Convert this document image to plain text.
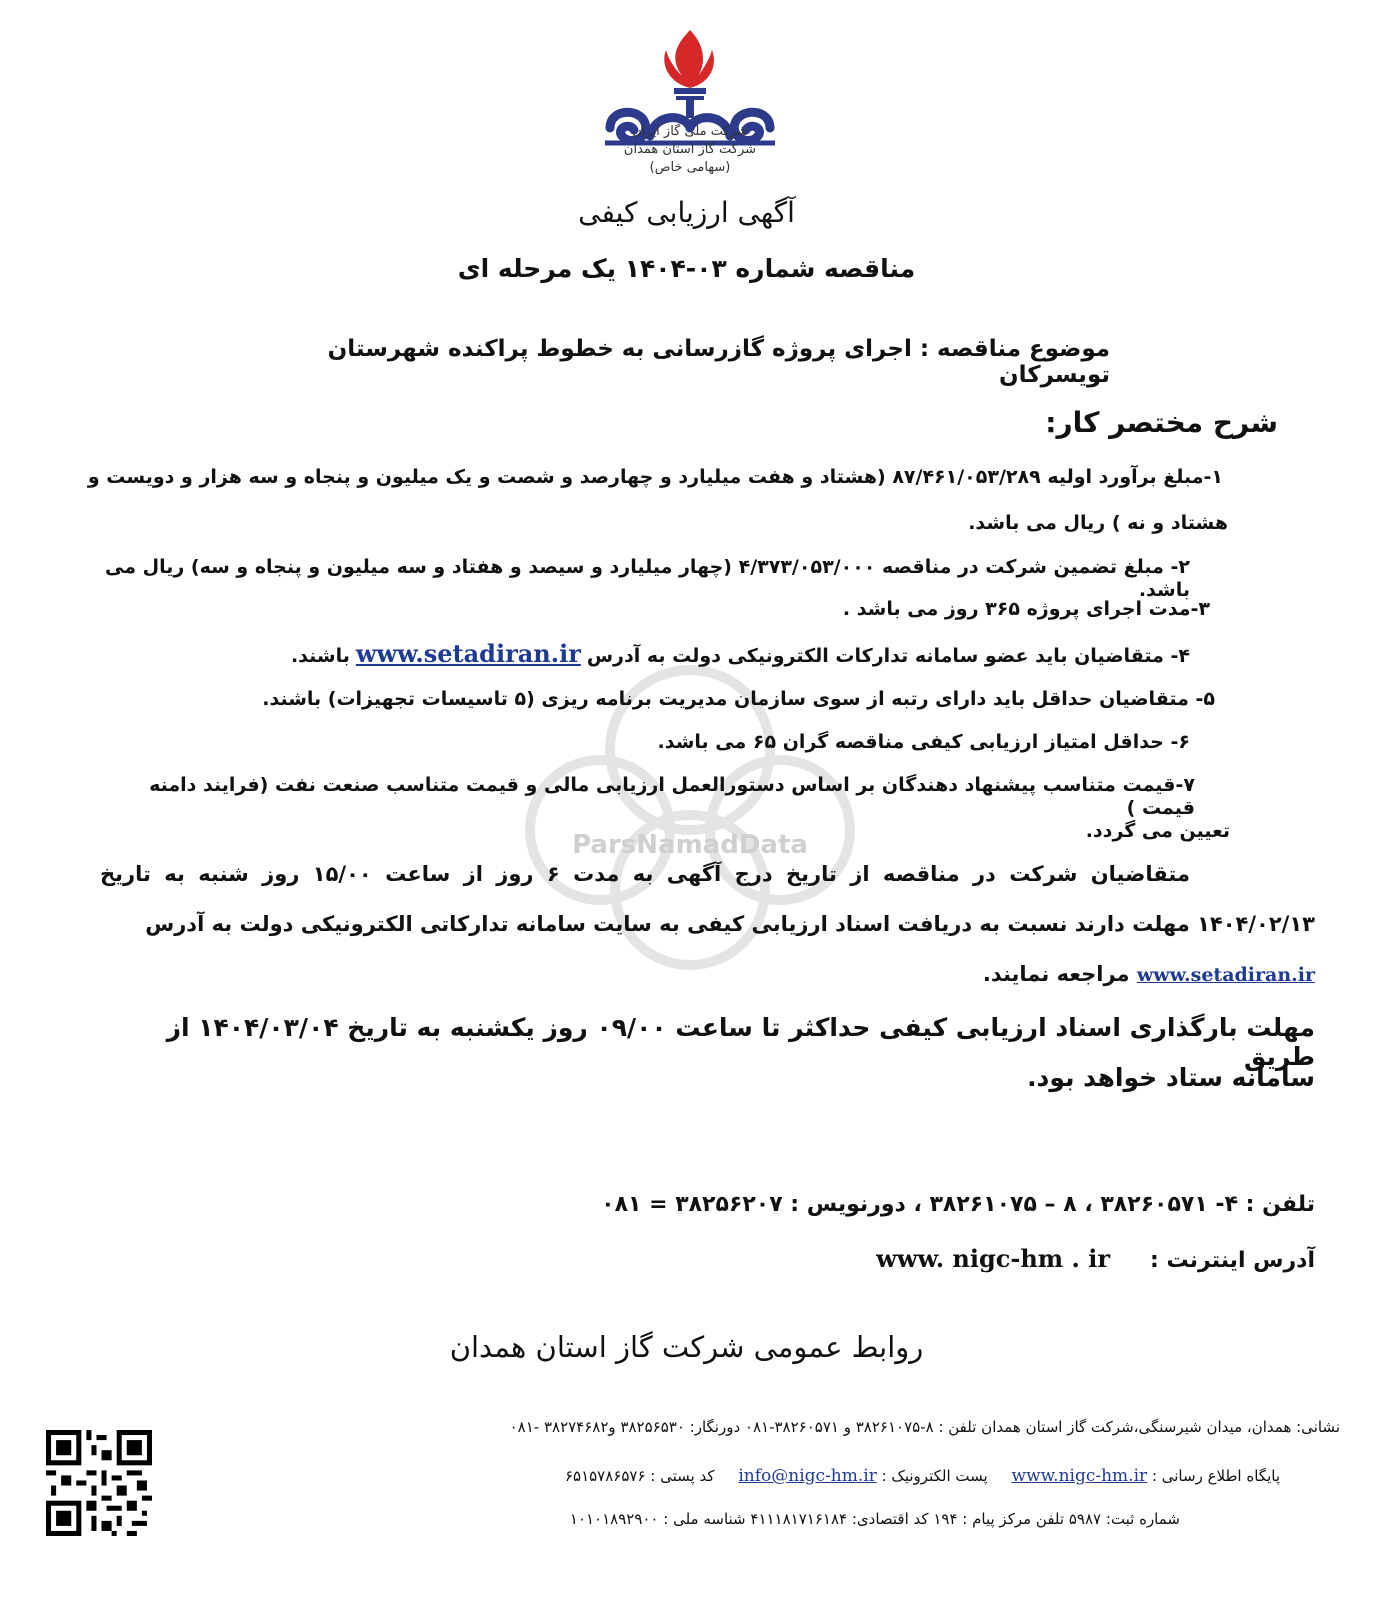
شرکت ملی گاز ایران
شرکت گاز استان همدان
(سهامی خاص)
ParsNamadData
آگهی ارزیابی کیفی
مناقصه شماره ۰۳-۱۴۰۴ یک مرحله ای
موضوع مناقصه : اجرای پروژه گازرسانی به خطوط پراکنده شهرستان تویسرکان
شرح مختصر کار:
۱-مبلغ برآورد اولیه ۸۷/۴۶۱/۰۵۳/۲۸۹ (هشتاد و هفت میلیارد و چهارصد و شصت و یک میلیون و پنجاه و سه هزار و دویست و
هشتاد و نه ) ریال می باشد.
۲- مبلغ تضمین شرکت در مناقصه ۴/۳۷۳/۰۵۳/۰۰۰ (چهار میلیارد و سیصد و هفتاد و سه میلیون و پنجاه و سه) ریال می باشد.
۳-مدت اجرای پروژه ۳۶۵ روز می باشد .
۴- متقاضیان باید عضو سامانه تدارکات الکترونیکی دولت به آدرسwww.setadiran.irباشند.
۵- متقاضیان حداقل باید دارای رتبه از سوی سازمان مدیریت برنامه ریزی (۵ تاسیسات تجهیزات) باشند.
۶- حداقل امتیاز ارزیابی کیفی مناقصه گران ۶۵ می باشد.
۷-قیمت متناسب پیشنهاد دهندگان بر اساس دستورالعمل ارزیابی مالی و قیمت متناسب صنعت نفت (فرایند دامنه قیمت )
تعیین می گردد.
متقاضیان شرکت در مناقصه از تاریخ درج آگهی به مدت ۶ روز از ساعت ۱۵/۰۰ روز شنبه به تاریخ
۱۴۰۴/۰۲/۱۳ مهلت دارند نسبت به دریافت اسناد ارزیابی کیفی به سایت سامانه تدارکاتی الکترونیکی دولت به آدرس
www.setadiran.ir مراجعه نمایند.
مهلت بارگذاری اسناد ارزیابی کیفی حداکثر تا ساعت ۰۹/۰۰ روز یکشنبه به تاریخ ۱۴۰۴/۰۳/۰۴ از طریق
سامانه ستاد خواهد بود.
تلفن : ۴- ۳۸۲۶۰۵۷۱ ، ۸ – ۳۸۲۶۱۰۷۵ ، دورنویس : ۳۸۲۵۶۲۰۷ = ۰۸۱
آدرس اینترنت :www. nigc-hm . ir
روابط عمومی شرکت گاز استان همدان
نشانی: همدان، میدان شیرسنگی،شرکت گاز استان همدان تلفن : ۸-۳۸۲۶۱۰۷۵ و ۳۸۲۶۰۵۷۱-۰۸۱ دورنگار: ۳۸۲۵۶۵۳۰ و۳۸۲۷۴۶۸۲ -۰۸۱
پایگاه اطلاع رسانی : www.nigc-hm.ir     پست الکترونیک : info@nigc-hm.ir     کد پستی : ۶۵۱۵۷۸۶۵۷۶
شماره ثبت: ۵۹۸۷ تلفن مرکز پیام : ۱۹۴ کد اقتصادی: ۴۱۱۱۸۱۷۱۶۱۸۴ شناسه ملی : ۱۰۱۰۱۸۹۲۹۰۰
